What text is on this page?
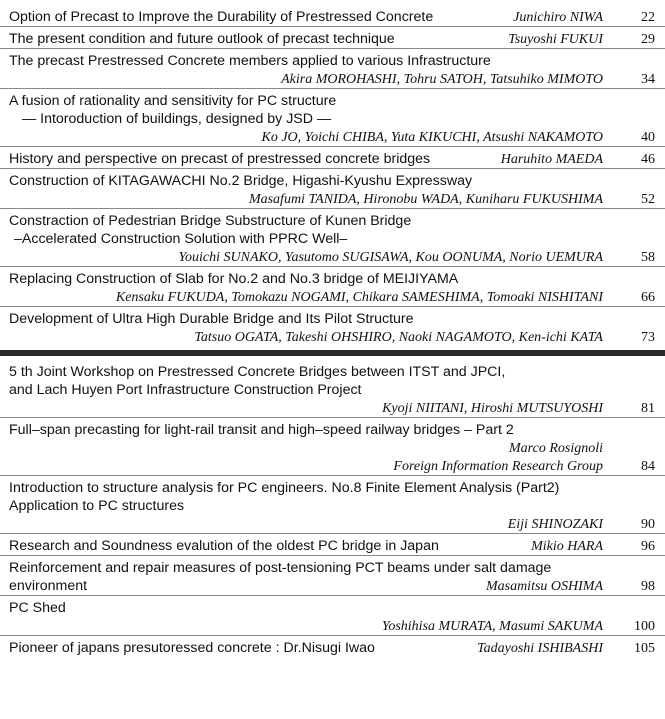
Option of Precast to Improve the Durability of Prestressed Concrete	Junichiro NIWA	22
The present condition and future outlook of precast technique	Tsuyoshi FUKUI	29
The precast Prestressed Concrete members applied to various Infrastructure
Akira MOROHASHI, Tohru SATOH, Tatsuhiko MIMOTO	34
A fusion of rationality and sensitivity for PC structure
— Intoroduction of buildings, designed by JSD —
Ko JO, Yoichi CHIBA, Yuta KIKUCHI, Atsushi NAKAMOTO	40
History and perspective on precast of prestressed concrete bridges	Haruhito MAEDA	46
Construction of KITAGAWACHI No.2 Bridge, Higashi-Kyushu Expressway
Masafumi TANIDA, Hironobu WADA, Kuniharu FUKUSHIMA	52
Constraction of Pedestrian Bridge Substructure of Kunen Bridge
–Accelerated Construction Solution with PPRC Well–
Youichi SUNAKO, Yasutomo SUGISAWA, Kou OONUMA, Norio UEMURA	58
Replacing Construction of Slab for No.2 and No.3 bridge of MEIJIYAMA
Kensaku FUKUDA, Tomokazu NOGAMI, Chikara SAMESHIMA, Tomoaki NISHITANI	66
Development of Ultra High Durable Bridge and Its Pilot Structure
Tatsuo OGATA, Takeshi OHSHIRO, Naoki NAGAMOTO, Ken-ichi KATA	73
5 th Joint Workshop on Prestressed Concrete Bridges between ITST and JPCI,
and Lach Huyen Port Infrastructure Construction Project
Kyoji NIITANI, Hiroshi MUTSUYOSHI	81
Full–span precasting for light-rail transit and high–speed railway bridges – Part 2
Marco Rosignoli
Foreign Information Research Group	84
Introduction to structure analysis for PC engineers. No.8 Finite Element Analysis (Part2)
Application to PC structures
Eiji SHINOZAKI	90
Research and Soundness evalution of the oldest PC bridge in Japan	Mikio HARA	96
Reinforcement and repair measures of post-tensioning PCT beams under salt damage
environment	Masamitsu OSHIMA	98
PC Shed
Yoshihisa MURATA, Masumi SAKUMA	100
Pioneer of japans presutoressed concrete : Dr.Nisugi Iwao	Tadayoshi ISHIBASHI	105
